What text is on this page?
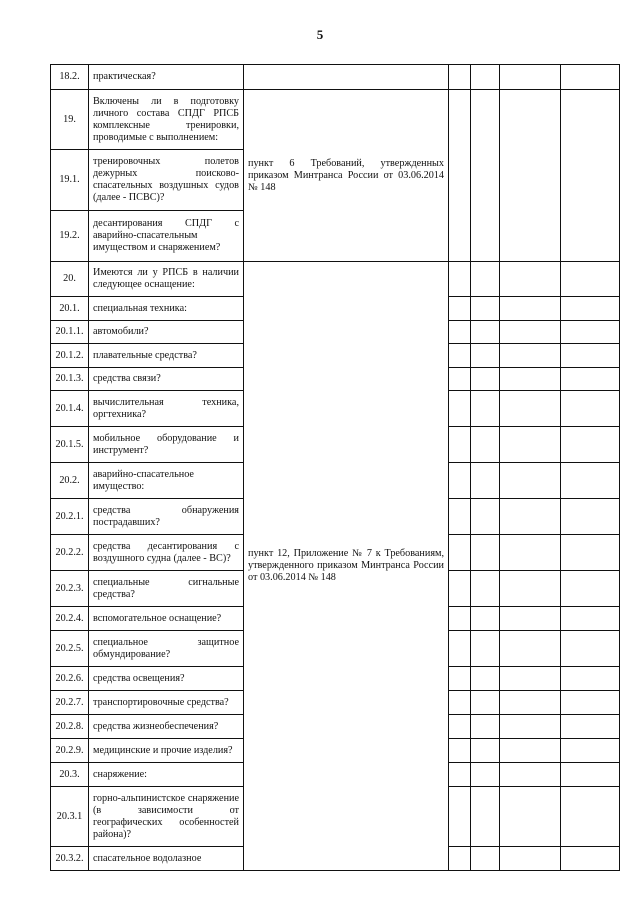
5
18.2.	практическая?					
19.	Включены ли в подготовку личного состава СПДГ РПСБ комплексные тренировки, проводимые с выполнением:	пункт 6 Требований, утвержденных приказом Минтранса России от 03.06.2014 № 148				
19.1.	тренировочных полетов дежурных поисково-спасательных воздушных судов (далее - ПСВС)?					
19.2.	десантирования СПДГ с аварийно-спасательным имуществом и снаряжением?					
20.	Имеются ли у РПСБ в наличии следующее оснащение:	пункт 12, Приложение № 7 к Требованиям, утвержденного приказом Минтранса России от 03.06.2014 № 148				
20.1.	специальная техника:					
20.1.1.	автомобили?					
20.1.2.	плавательные средства?					
20.1.3.	средства связи?					
20.1.4.	вычислительная техника, оргтехника?					
20.1.5.	мобильное оборудование и инструмент?					
20.2.	аварийно-спасательное имущество:					
20.2.1.	средства обнаружения пострадавших?					
20.2.2.	средства десантирования с воздушного судна (далее - ВС)?					
20.2.3.	специальные сигнальные средства?					
20.2.4.	вспомогательное оснащение?					
20.2.5.	специальное защитное обмундирование?					
20.2.6.	средства освещения?					
20.2.7.	транспортировочные средства?					
20.2.8.	средства жизнеобеспечения?					
20.2.9.	медицинские и прочие изделия?					
20.3.	снаряжение:					
20.3.1	горно-альпинистское снаряжение (в зависимости от географических особенностей района)?					
20.3.2.	спасательное водолазное					
